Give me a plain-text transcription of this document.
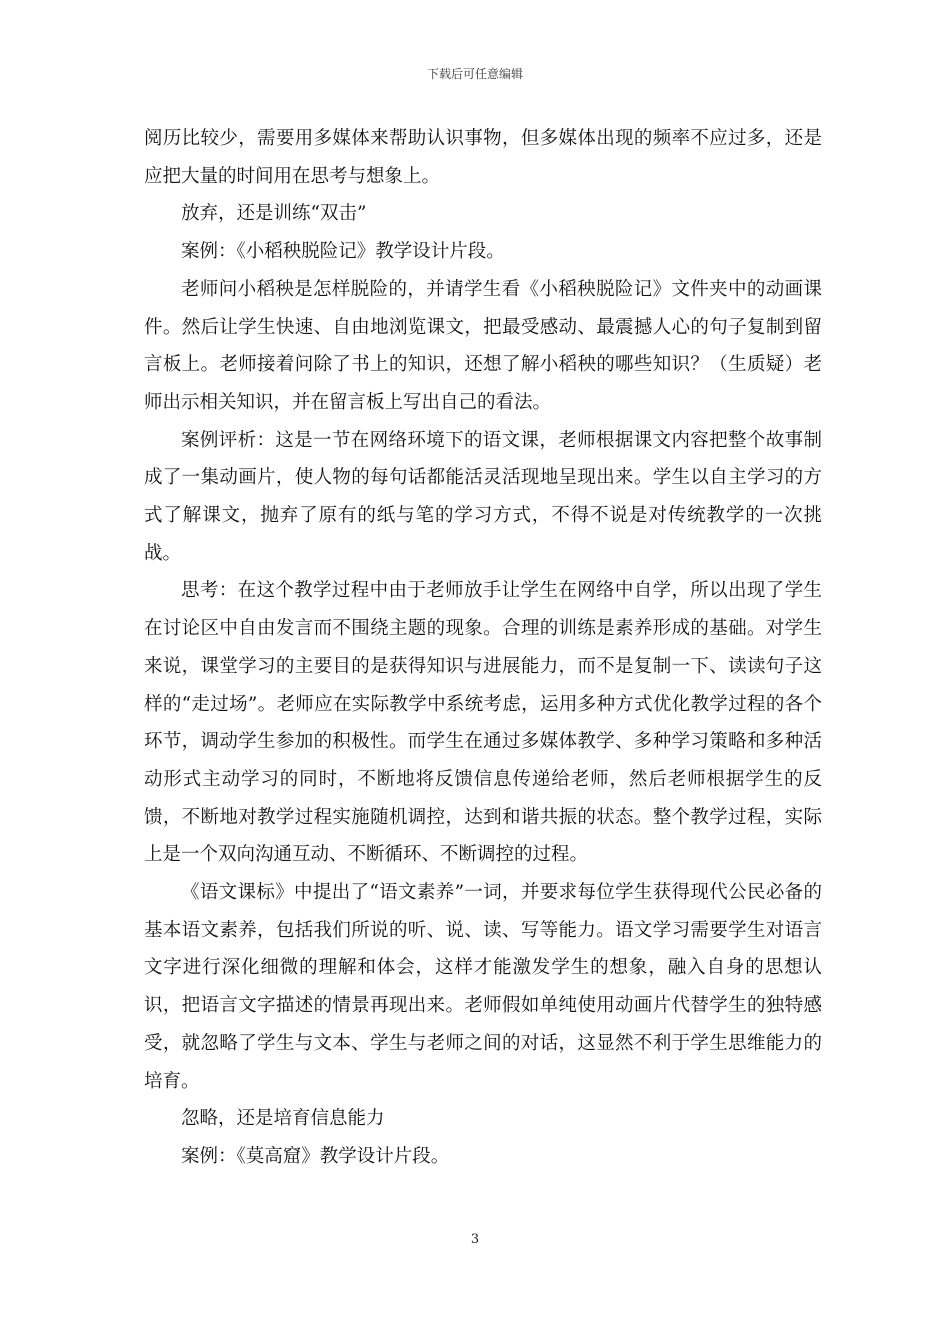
下载后可任意编辑

阅历比较少，需要用多媒体来帮助认识事物，但多媒体出现的频率不应过多，还是应把大量的时间用在思考与想象上。

放弃，还是训练“双击”

案例：《小稻秧脱险记》教学设计片段。

老师问小稻秧是怎样脱险的，并请学生看《小稻秧脱险记》文件夹中的动画课件。然后让学生快速、自由地浏览课文，把最受感动、最震撼人心的句子复制到留言板上。老师接着问除了书上的知识，还想了解小稻秧的哪些知识？（生质疑）老师出示相关知识，并在留言板上写出自己的看法。

案例评析：这是一节在网络环境下的语文课，老师根据课文内容把整个故事制成了一集动画片，使人物的每句话都能活灵活现地呈现出来。学生以自主学习的方式了解课文，抛弃了原有的纸与笔的学习方式，不得不说是对传统教学的一次挑战。

思考：在这个教学过程中由于老师放手让学生在网络中自学，所以出现了学生在讨论区中自由发言而不围绕主题的现象。合理的训练是素养形成的基础。对学生来说，课堂学习的主要目的是获得知识与进展能力，而不是复制一下、读读句子这样的“走过场”。老师应在实际教学中系统考虑，运用多种方式优化教学过程的各个环节，调动学生参加的积极性。而学生在通过多媒体教学、多种学习策略和多种活动形式主动学习的同时，不断地将反馈信息传递给老师，然后老师根据学生的反馈，不断地对教学过程实施随机调控，达到和谐共振的状态。整个教学过程，实际上是一个双向沟通互动、不断循环、不断调控的过程。

《语文课标》中提出了“语文素养”一词，并要求每位学生获得现代公民必备的基本语文素养，包括我们所说的听、说、读、写等能力。语文学习需要学生对语言文字进行深化细微的理解和体会，这样才能激发学生的想象，融入自身的思想认识，把语言文字描述的情景再现出来。老师假如单纯使用动画片代替学生的独特感受，就忽略了学生与文本、学生与老师之间的对话，这显然不利于学生思维能力的培育。

忽略，还是培育信息能力

案例：《莫高窟》教学设计片段。

3
